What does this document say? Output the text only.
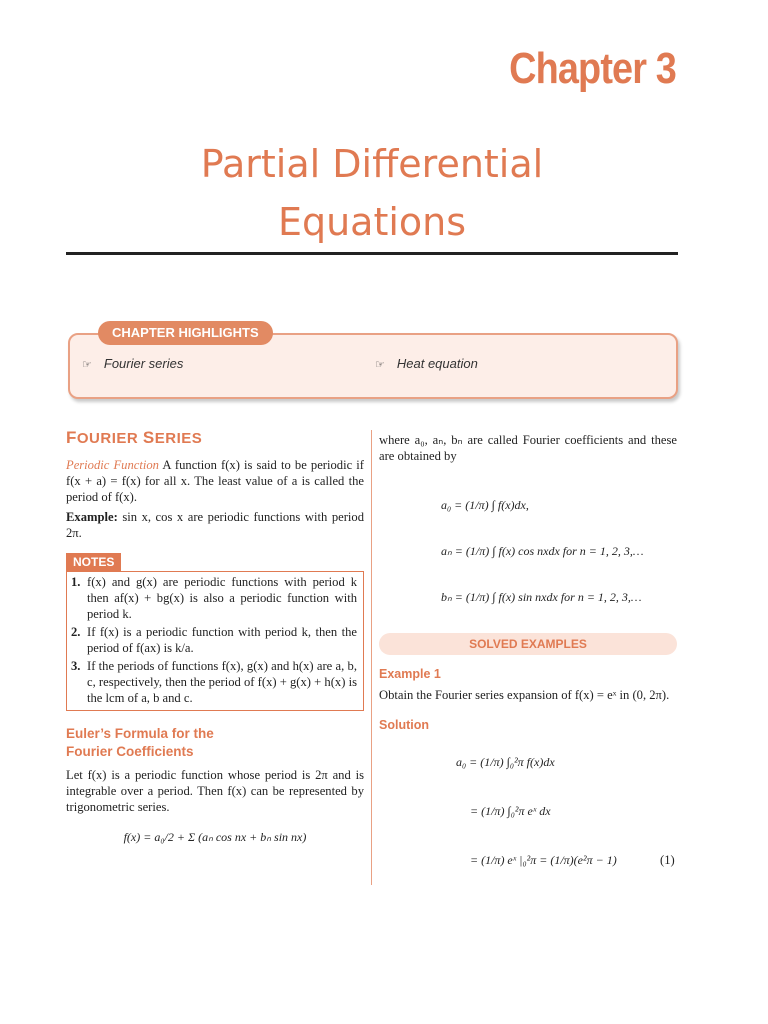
Chapter 3
Partial Differential
Equations
CHAPTER HIGHLIGHTS
☞ Fourier series	☞ Heat equation
FOURIER SERIES

Periodic Function A function f(x) is said to be periodic if f(x + a) = f(x) for all x. The least value of a is called the period of f(x).

Example: sin x, cos x are periodic functions with period 2π.

NOTES
1. f(x) and g(x) are periodic functions with period k then af(x) + bg(x) is also a periodic function with period k.
2. If f(x) is a periodic function with period k, then the period of f(ax) is k/a.
3. If the periods of functions f(x), g(x) and h(x) are a, b, c, respectively, then the period of f(x) + g(x) + h(x) is the lcm of a, b and c.
Euler’s Formula for the
Fourier Coefficients

Let f(x) is a periodic function whose period is 2π and is integrable over a period. Then f(x) can be represented by trigonometric series.

f(x) = a₀/2 + Σ (aₙ cos nx + bₙ sin nx)

where a₀, aₙ, bₙ are called Fourier coefficients and these are obtained by

a₀ = (1/π) ∫ f(x)dx,
aₙ = (1/π) ∫ f(x) cos nxdx for n = 1, 2, 3,…
bₙ = (1/π) ∫ f(x) sin nxdx for n = 1, 2, 3,…
SOLVED EXAMPLES
Example 1
Obtain the Fourier series expansion of f(x) = eˣ in (0, 2π).
Solution
a₀ = (1/π) ∫₀²π f(x)dx
= (1/π) ∫₀²π eˣ dx
= (1/π) eˣ |₀²π = (1/π)(e²π − 1)	(1)
